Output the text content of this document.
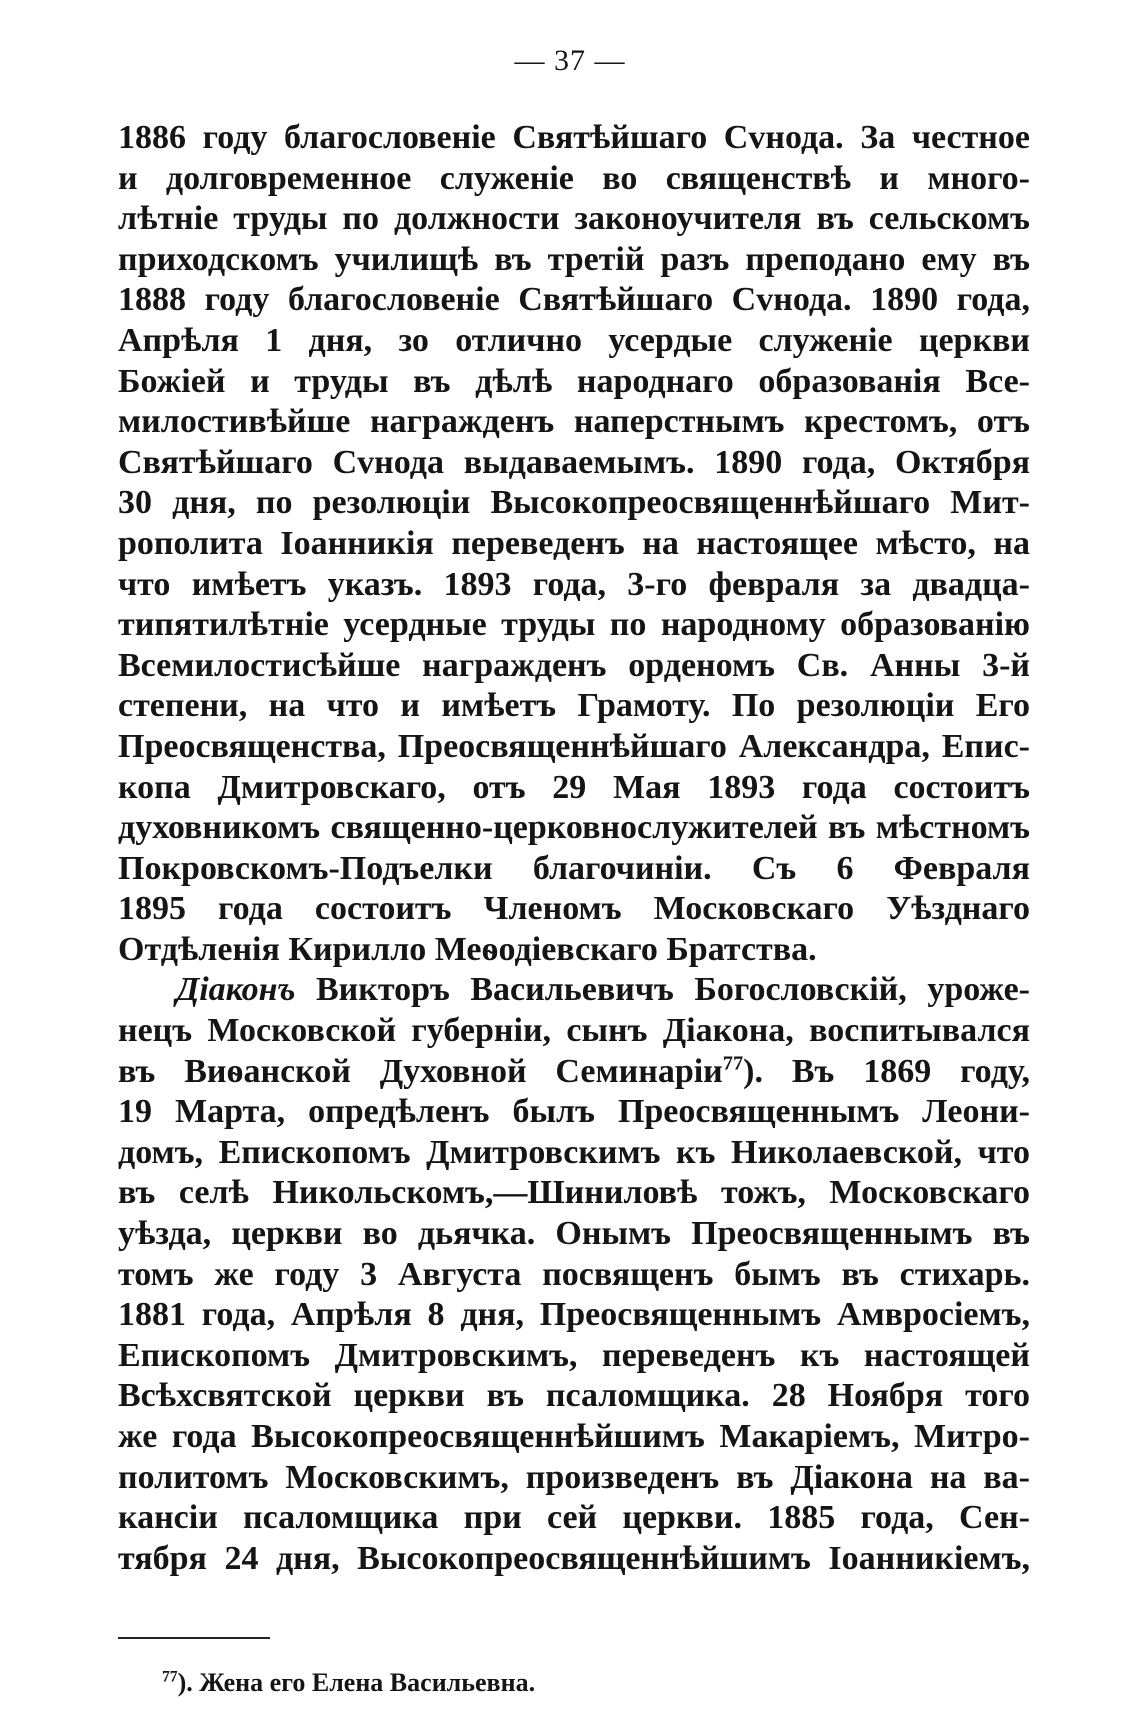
— 37 —
1886 году благословеніе Святѣйшаго Сvнода. За честное
и долговременное служеніе во священствѣ и много-
лѣтніе труды по должности законоучителя въ сельскомъ
приходскомъ училищѣ въ третій разъ преподано ему въ
1888 году благословеніе Святѣйшаго Сvнода. 1890 года,
Апрѣля 1 дня, зо отлично усердые служеніе церкви
Божіей и труды въ дѣлѣ народнаго образованія Все-
милостивѣйше награжденъ наперстнымъ крестомъ, отъ
Святѣйшаго Сvнода выдаваемымъ. 1890 года, Октября
30 дня, по резолюціи Высокопреосвященнѣйшаго Мит-
рополита Іоанникія переведенъ на настоящее мѣсто, на
что имѣетъ указъ. 1893 года, 3-го февраля за двадца-
типятилѣтніе усердные труды по народному образованію
Всемилостисѣйше награжденъ орденомъ Св. Анны 3-й
степени, на что и имѣетъ Грамоту. По резолюціи Его
Преосвященства, Преосвященнѣйшаго Александра, Епис-
копа Дмитровскаго, отъ 29 Мая 1893 года состоитъ
духовникомъ священно-церковнослужителей въ мѣстномъ
Покровскомъ-Подъелки благочиніи. Съ 6 Февраля
1895 года состоитъ Членомъ Московскаго Уѣзднаго
Отдѣленія Кирилло Меѳодіевскаго Братства.
Діаконъ Викторъ Васильевичъ Богословскій, уроже-
нецъ Московской губерніи, сынъ Діакона, воспитывался
въ Виѳанской Духовной Семинаріи$^{77}$). Въ 1869 году,
19 Марта, опредѣленъ былъ Преосвященнымъ Леони-
домъ, Епископомъ Дмитровскимъ къ Николаевской, что
въ селѣ Никольскомъ,—Шиниловѣ тожъ, Московскаго
уѣзда, церкви во дьячка. Онымъ Преосвященнымъ въ
томъ же году 3 Августа посвященъ бымъ въ стихарь.
1881 года, Апрѣля 8 дня, Преосвященнымъ Амвросіемъ,
Епископомъ Дмитровскимъ, переведенъ къ настоящей
Всѣхсвятской церкви въ псаломщика. 28 Ноября того
же года Высокопреосвященнѣйшимъ Макаріемъ, Митро-
политомъ Московскимъ, произведенъ въ Діакона на ва-
кансіи псаломщика при сей церкви. 1885 года, Сен-
тября 24 дня, Высокопреосвященнѣйшимъ Іоанникіемъ,
$^{77}$). Жена его Елена Васильевна.
